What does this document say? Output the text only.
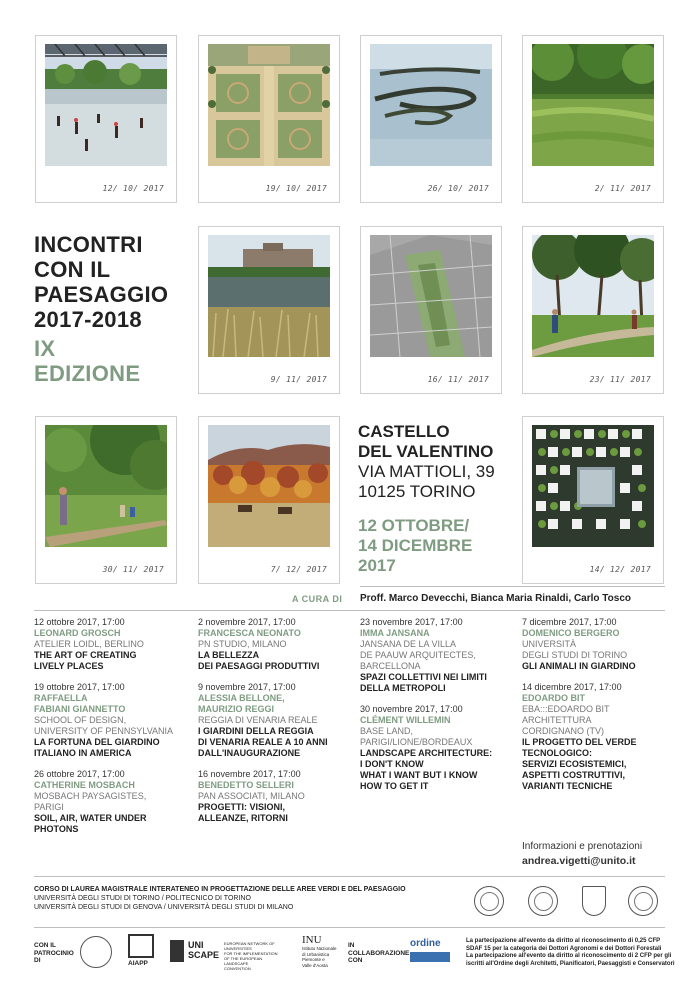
12/ 10/ 2017	19/ 10/ 2017	26/ 10/ 2017	2/ 11/ 2017
9/ 11/ 2017	16/ 11/ 2017	23/ 11/ 2017
30/ 11/ 2017	7/ 12/ 2017	14/ 12/ 2017
INCONTRI
CON IL
PAESAGGIO
2017-2018
IX
EDIZIONE
CASTELLO
DEL VALENTINO
VIA MATTIOLI, 39
10125 TORINO
12 OTTOBRE/
14 DICEMBRE
2017
A CURA DI Proff. Marco Devecchi, Bianca Maria Rinaldi, Carlo Tosco
12 ottobre 2017, 17:00
LEONARD GROSCH
ATELIER LOIDL, BERLINO
THE ART OF CREATING
LIVELY PLACES
19 ottobre 2017, 17:00
RAFFAELLA
FABIANI GIANNETTO
SCHOOL OF DESIGN,
UNIVERSITY OF PENNSYLVANIA
LA FORTUNA DEL GIARDINO
ITALIANO IN AMERICA
26 ottobre 2017, 17:00
CATHERINE MOSBACH
MOSBACH PAYSAGISTES,
PARIGI
SOIL, AIR, WATER UNDER
PHOTONS
2 novembre 2017, 17:00
FRANCESCA NEONATO
PN STUDIO, MILANO
LA BELLEZZA
DEI PAESAGGI PRODUTTIVI
9 novembre 2017, 17:00
ALESSIA BELLONE,
MAURIZIO REGGI
REGGIA DI VENARIA REALE
I GIARDINI DELLA REGGIA
DI VENARIA REALE A 10 ANNI
DALL'INAUGURAZIONE
16 novembre 2017, 17:00
BENEDETTO SELLERI
PAN ASSOCIATI, MILANO
PROGETTI: VISIONI,
ALLEANZE, RITORNI
23 novembre 2017, 17:00
IMMA JANSANA
JANSANA DE LA VILLA
DE PAAUW ARQUITECTES,
BARCELLONA
SPAZI COLLETTIVI NEI LIMITI
DELLA METROPOLI
30 novembre 2017, 17:00
CLÉMENT WILLEMIN
BASE LAND,
PARIGI/LIONE/BORDEAUX
LANDSCAPE ARCHITECTURE:
I DON'T KNOW
WHAT I WANT BUT I KNOW
HOW TO GET IT
7 dicembre 2017, 17:00
DOMENICO BERGERO
UNIVERSITÀ
DEGLI STUDI DI TORINO
GLI ANIMALI IN GIARDINO
14 dicembre 2017, 17:00
EDOARDO BIT
EBA:::EDOARDO BIT
ARCHITETTURA
CORDIGNANO (TV)
IL PROGETTO DEL VERDE
TECNOLOGICO:
SERVIZI ECOSISTEMICI,
ASPETTI COSTRUTTIVI,
VARIANTI TECNICHE
Informazioni e prenotazioni
andrea.vigetti@unito.it
CORSO DI LAUREA MAGISTRALE INTERATENEO IN PROGETTAZIONE DELLE AREE VERDI E DEL PAESAGGIO
UNIVERSITÀ DEGLI STUDI DI TORINO / POLITECNICO DI TORINO
UNIVERSITÀ DEGLI STUDI DI GENOVA / UNIVERSITÀ DEGLI STUDI DI MILANO
CON IL
PATROCINIO
DI	AIAPP
UNI
SCAPE
EUROPEAN NETWORK OF UNIVERSITIES
FOR THE IMPLEMENTATION
OF THE EUROPEAN LANDSCAPE
CONVENTION
INU
Istituto Nazionale
di Urbanistica
Piemonte e
Valle d'Aosta
IN
COLLABORAZIONE
CON
ordine	La partecipazione all'evento da diritto al riconoscimento di 0,25 CFP SDAF 15 per la categoria dei Dottori Agronomi e dei Dottori Forestali
La partecipazione all'evento da diritto al riconoscimento di 2 CFP per gli iscritti all'Ordine degli Architetti, Pianificatori, Paesaggisti e Conservatori
